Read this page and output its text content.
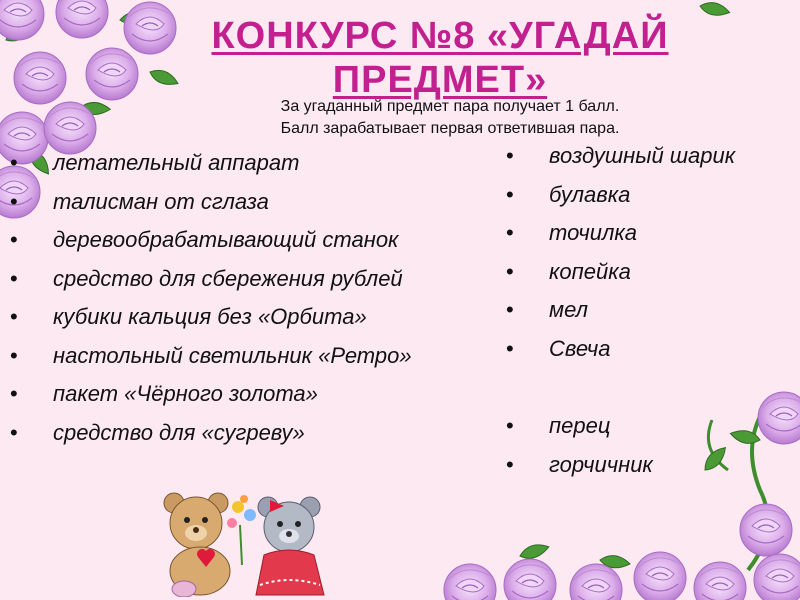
КОНКУРС №8 «УГАДАЙ
ПРЕДМЕТ»

За угаданный предмет пара получает 1 балл.
Балл зарабатывает первая ответившая пара.

• летательный аппарат
• талисман от сглаза
• деревообрабатывающий станок
• средство для сбережения рублей
• кубики кальция без «Орбита»
• настольный светильник «Ретро»
• пакет «Чёрного золота»
• средство для «сугреву»
• воздушный шарик
• булавка
• точилка
• копейка
• мел
• Свеча
• перец
• горчичник
